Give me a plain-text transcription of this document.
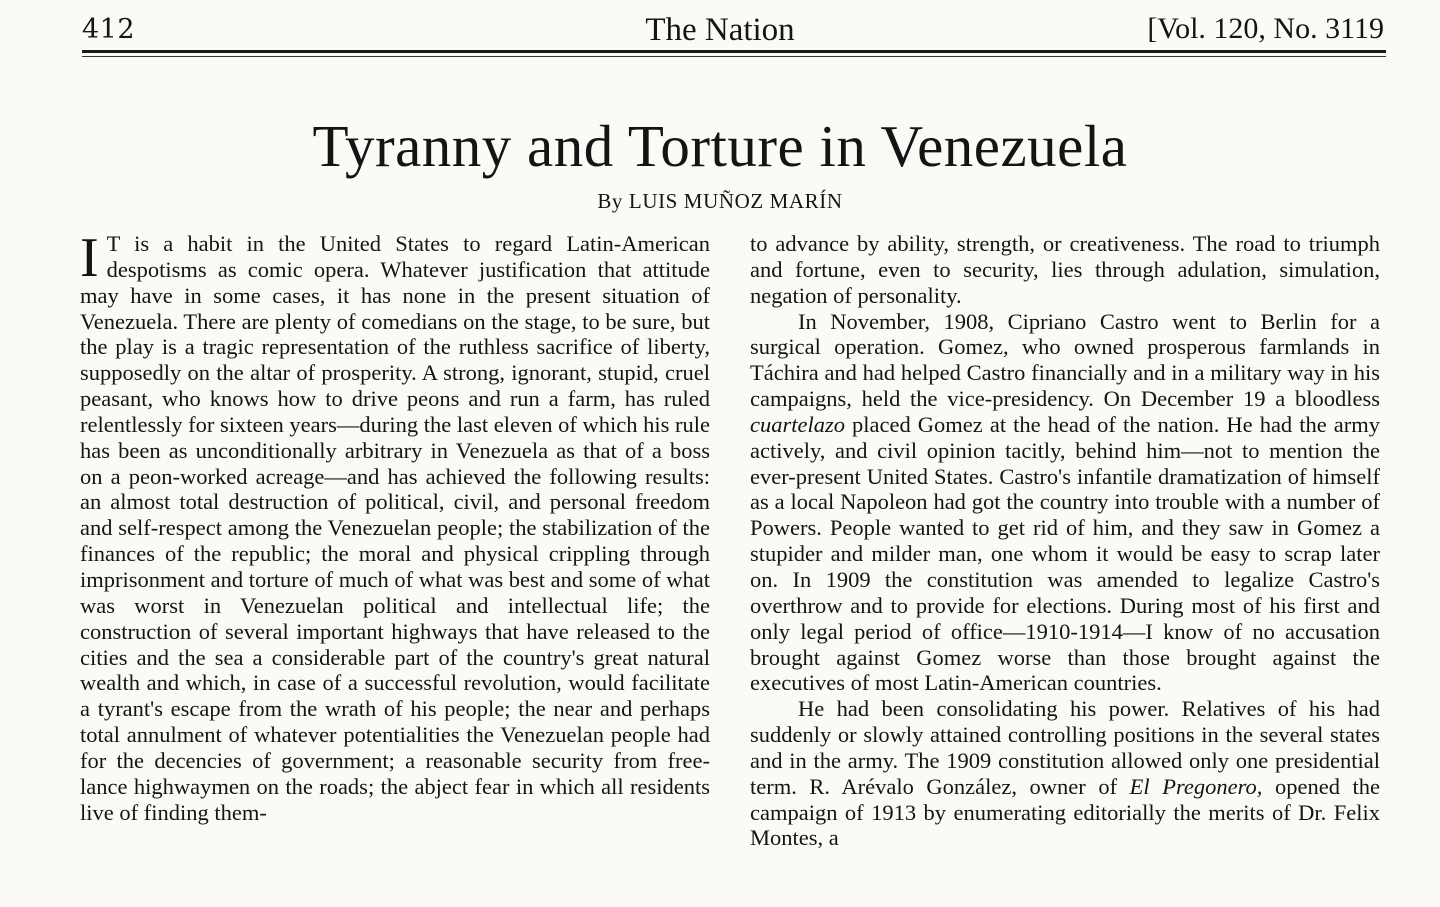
412	The Nation	[Vol. 120, No. 3119
Tyranny and Torture in Venezuela
By LUIS MUÑOZ MARÍN

I T is a habit in the United States to regard Latin-American despotisms as comic opera. Whatever justification that attitude may have in some cases, it has none in the present situation of Venezuela. There are plenty of comedians on the stage, to be sure, but the play is a tragic representation of the ruthless sacrifice of liberty, supposedly on the altar of prosperity. A strong, ignorant, stupid, cruel peasant, who knows how to drive peons and run a farm, has ruled relentlessly for sixteen years—during the last eleven of which his rule has been as unconditionally arbitrary in Venezuela as that of a boss on a peon-worked acreage—and has achieved the following results: an almost total destruction of political, civil, and personal freedom and self-respect among the Venezuelan people; the stabilization of the finances of the republic; the moral and physical crippling through imprisonment and torture of much of what was best and some of what was worst in Venezuelan political and intellectual life; the construction of several important highways that have released to the cities and the sea a considerable part of the country's great natural wealth and which, in case of a successful revolution, would facilitate a tyrant's escape from the wrath of his people; the near and perhaps total annulment of whatever potentialities the Venezuelan people had for the decencies of government; a reasonable security from free-lance highwaymen on the roads; the abject fear in which all residents live of finding them-

to advance by ability, strength, or creativeness. The road to triumph and fortune, even to security, lies through adulation, simulation, negation of personality.

In November, 1908, Cipriano Castro went to Berlin for a surgical operation. Gomez, who owned prosperous farmlands in Táchira and had helped Castro financially and in a military way in his campaigns, held the vice-presidency. On December 19 a bloodless cuartelazo placed Gomez at the head of the nation. He had the army actively, and civil opinion tacitly, behind him—not to mention the ever-present United States. Castro's infantile dramatization of himself as a local Napoleon had got the country into trouble with a number of Powers. People wanted to get rid of him, and they saw in Gomez a stupider and milder man, one whom it would be easy to scrap later on. In 1909 the constitution was amended to legalize Castro's overthrow and to provide for elections. During most of his first and only legal period of office—1910-1914—I know of no accusation brought against Gomez worse than those brought against the executives of most Latin-American countries.

He had been consolidating his power. Relatives of his had suddenly or slowly attained controlling positions in the several states and in the army. The 1909 constitution allowed only one presidential term. R. Arévalo González, owner of El Pregonero, opened the campaign of 1913 by enumerating editorially the merits of Dr. Felix Montes, a
